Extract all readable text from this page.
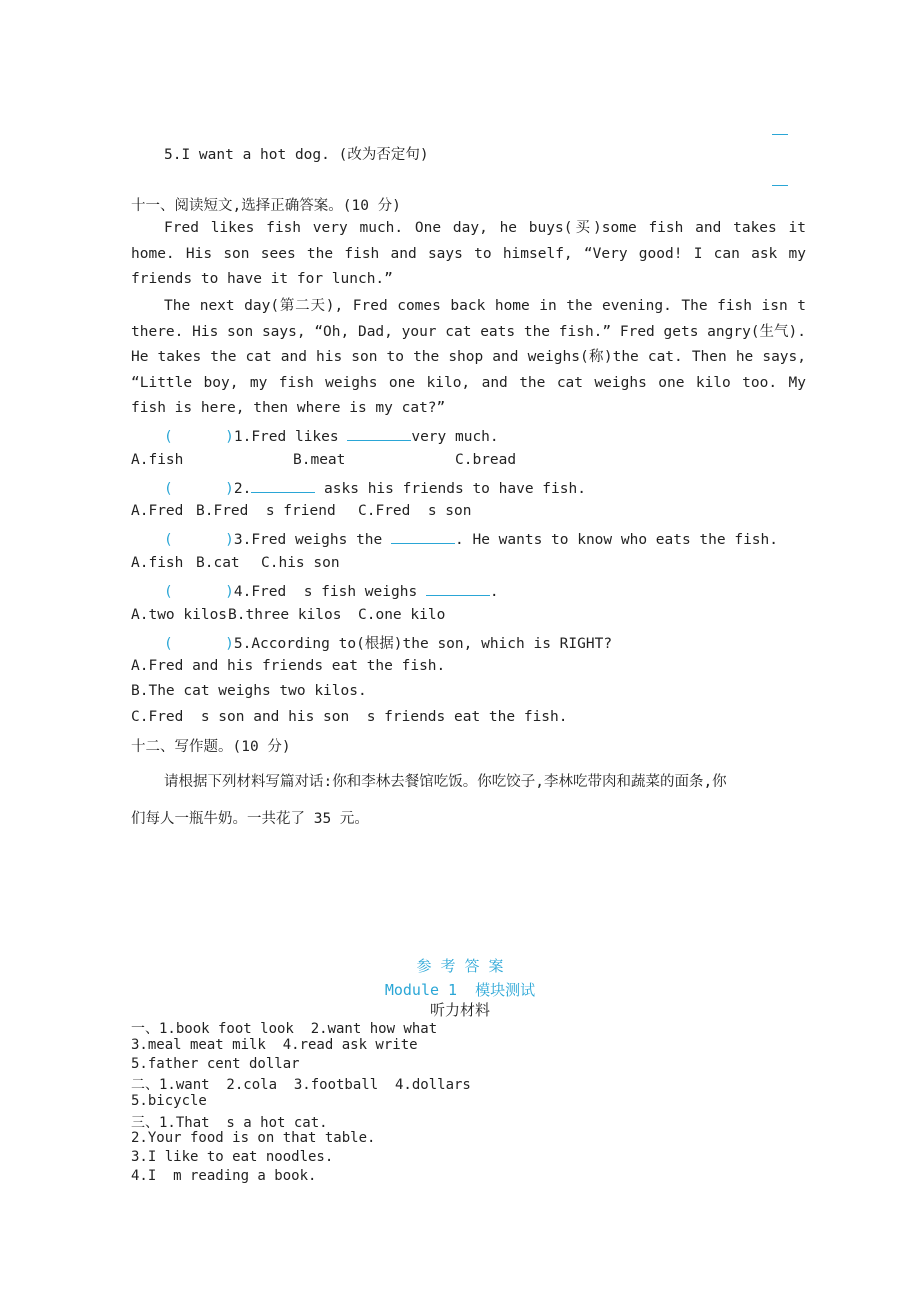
5.I want a hot dog. (改为否定句)
十一、阅读短文,选择正确答案。(10 分)
Fred likes fish very much. One day, he buys(买)some fish and takes it home. His son sees the fish and says to himself, “Very good! I can ask my friends to have it for lunch.”
The next day(第二天), Fred comes back home in the evening. The fish isn t there. His son says, “Oh, Dad, your cat eats the fish.” Fred gets angry(生气). He takes the cat and his son to the shop and weighs(称)the cat. Then he says, “Little boy, my fish weighs one kilo, and the cat weighs one kilo too. My fish is here, then where is my cat?”
(      )1.Fred likes	very much.
A.fish	B.meat	C.bread
(      )2.	asks his friends to have fish.
A.Fred B.Fred  s friend C.Fred  s son
(      )3.Fred weighs the	. He wants to know who eats the fish.
A.fish B.cat C.his son
(      )4.Fred  s fish weighs	.
A.two kilos B.three kilos C.one kilo
(      )5.According to(根据)the son, which is RIGHT?
A.Fred and his friends eat the fish.
B.The cat weighs two kilos.
C.Fred  s son and his son  s friends eat the fish.
十二、写作题。(10 分)
请根据下列材料写篇对话:你和李林去餐馆吃饭。你吃饺子,李林吃带肉和蔬菜的面条,你
们每人一瓶牛奶。一共花了 35 元。
参 考 答 案
Module 1  模块测试
听力材料
一、1.book foot look  2.want how what
3.meal meat milk  4.read ask write
5.father cent dollar
二、1.want  2.cola  3.football  4.dollars
5.bicycle
三、1.That  s a hot cat.
2.Your food is on that table.
3.I like to eat noodles.
4.I  m reading a book.
